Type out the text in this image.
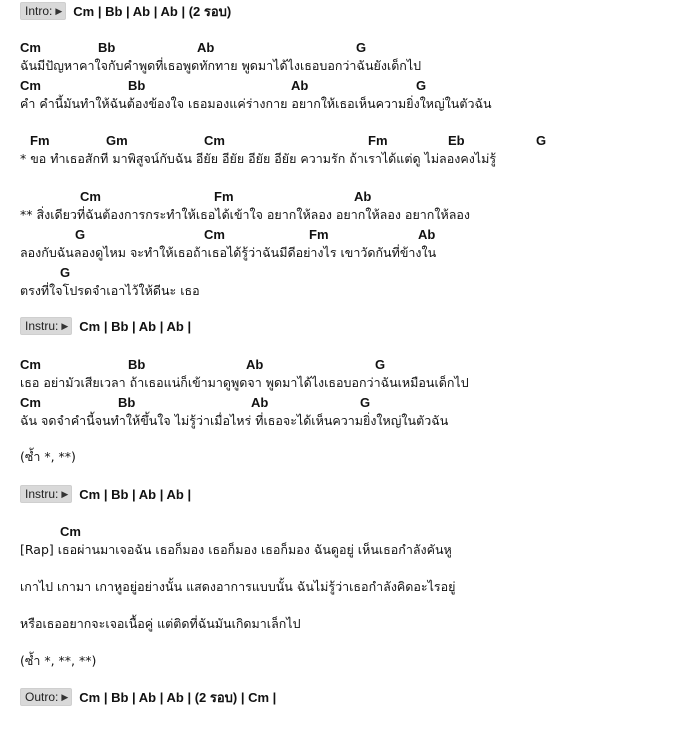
Intro: ▶ Cm | Bb | Ab | Ab | (2 รอบ)
Cm	Bb	Ab	G
ฉันมีปัญหาคาใจกับคำพูดที่เธอพูดทักทาย พูดมาได้ไงเธอบอกว่าฉันยังเด็กไป
Cm	Bb	Ab	G
คำ คำนี้มันทำให้ฉันต้องข้องใจ เธอมองแค่ร่างกาย อยากให้เธอเห็นความยิ่งใหญ่ในตัวฉัน
Fm	Gm	Cm	Fm	Eb	G
* ขอ ทำเธอสักที มาพิสูจน์กับฉัน อียัย อียัย อียัย อียัย ความรัก ถ้าเราได้แต่ดู ไม่ลองคงไม่รู้
Cm	Fm	Ab
** สิ่งเดียวที่ฉันต้องการกระทำให้เธอได้เข้าใจ อยากให้ลอง อยากให้ลอง อยากให้ลอง
G	Cm	Fm	Ab
ลองกับฉันลองดูไหม จะทำให้เธอถ้าเธอได้รู้ว่าฉันมีดีอย่างไร เขาวัดกันที่ข้างใน
G
ตรงที่ใจโปรดจำเอาไว้ให้ดีนะ เธอ
Instru: ▶ Cm | Bb | Ab | Ab |
Cm	Bb	Ab	G
เธอ อย่ามัวเสียเวลา ถ้าเธอแน่ก็เข้ามาดูพูดจา พูดมาได้ไงเธอบอกว่าฉันเหมือนเด็กไป
Cm	Bb	Ab	G
ฉัน จดจำคำนี้จนทำให้ขึ้นใจ ไม่รู้ว่าเมื่อไหร่ ที่เธอจะได้เห็นความยิ่งใหญ่ในตัวฉัน
(ซ้ำ *, **)
Instru: ▶ Cm | Bb | Ab | Ab |
Cm
[Rap] เธอผ่านมาเจอฉัน เธอก็มอง เธอก็มอง เธอก็มอง ฉันดูอยู่ เห็นเธอกำลังคันหู
เกาไป เกามา เกาหูอยู่อย่างนั้น แสดงอาการแบบนั้น ฉันไม่รู้ว่าเธอกำลังคิดอะไรอยู่
หรือเธออยากจะเจอเนื้อคู่ แต่ติดที่ฉันมันเกิดมาเล็กไป
(ซ้ำ *, **, **)
Outro: ▶ Cm | Bb | Ab | Ab | (2 รอบ) | Cm |
